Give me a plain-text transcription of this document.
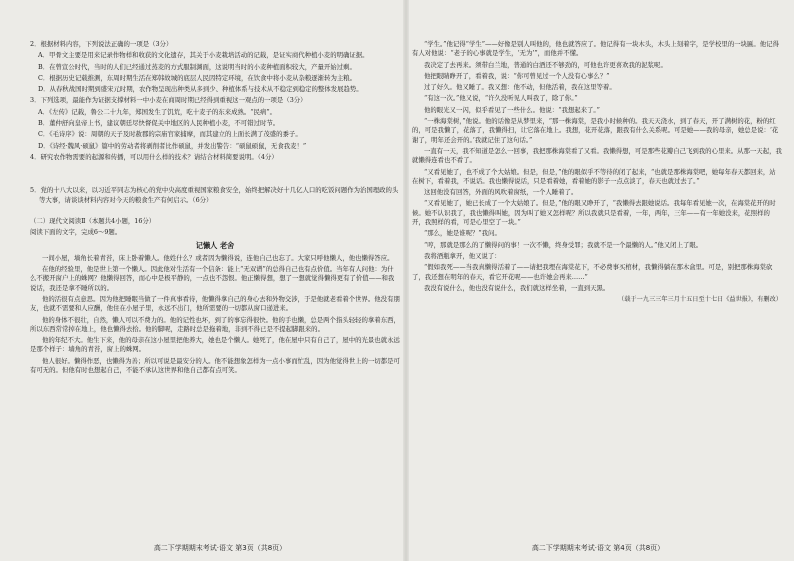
2．根据材料内容，下列说法正确的一项是（3分）
A．甲骨文主要是用来记录作物样和收获的文化遗存，其关于小麦栽培活动的记载，是证实商代种植小麦的明确证据。
B．在曾宣公时代，当时的人们已经通过蒸麦的方式服制渊面，这说明当时的小麦种植面积较大，产量开始过剩。
C．根据历史记载推测，东周时期生活在郑韩故城的底层人民因特定环境，在饮食中将小麦从杂粮逐渐转为主粮。
D．从春秋战国时期到盛宋元时期，农作物呈现出种类从多到少、种植体系与技术从不稳定到稳定的整体发展趋势。
3．下列选项，最能作为证据支撑材料一中小麦在商周时期已经得到重视这一观点的一项是（3分）
A．《左传》记载，鲁公二十九年，郑国发生了饥荒，吃十麦子的东来成熟。“民病”。
B．董仲舒向皇帝上书，建议朝廷尽快督促关中地区的人民种植小麦，不可错过时节。
C．《毛诗序》说：周朝的天子及时赦郡的宗庙官家捕摩，而其建立的上面长满了茂盛的黍子。
D．《诗经·魏风·硕鼠》篇中的劳动者将剥削者比作硕鼠，并发出警告：“硕鼠硕鼠，无食我麦！”
4．研究农作物需要的起源和传播，可以用什么样的技术？请结合材料简要说明。（4分）
5．党的十八大以来，以习近平同志为核心的党中央高度重视国家粮食安全，始终把解决好十几亿人口的吃饭问题作为治国理政的头等大事，请谈谈材料内容对今天的粮食生产有何启示。（6分）
（二）现代文阅读Ⅱ（本题共4小题，16分）
阅读下面的文字，完成6～9题。
记懒人 老舍
一间小屋，墙角长着青苔，床上卧着懒人。他姓什么？或者因为懒得说，连他自己也忘了。大家只呼他懒人，他也懒得答应。
在他的经验里，他是世上第一个懒人。因此他对生活有一个信条：能上“无双谱”的总得自己也有点价值。当年有人问他：为什么不搬开窗户上的蛛网？他懒得回答，而心中是极平静的，一点也不怨恨。他正懒得想，想了一想就觉得懒得更有了价值——和我说话，我还是拿不睡所以的。
他的活很有点意思。因为他把睡眠当做了一件真事看待，他懒得拿自己的身心去和外物交涉，于是他就老看着个世界。他没有朋友，也就不需要和人应酬，他住在小屋子里，永远不出门，他所需要的一切都从窗口递进来。
他的身体不很壮，自然，懒人可以不费力的。他的记性也坏，到了的事忘得很快。他的手也懒，总是两个指头轻轻的拿着东西，所以东西常常掉在地上，他也懒得去拾。他的脚呢，走路时总是拖着地，非到不得已是不提起脚跟来的。
他的年纪不大。他生下来，他的母亲在这小屋里把他养大，她也是个懒人。她死了，他在屋中只有自己了，屋中的光景也就永远是那个样子：墙角的青苔，窗上的蛛网。
他人很好。懒得作恶，也懒得为善；所以可说是最安分的人。他不能想象怎样为一点小事而忙乱，因为他觉得世上的一切都是可有可无的。但他有时也想起自己，不能不承认这世界和他自己都有点可笑。
“学生。”他记得“学生”——好像是别人叫他的，他也就答应了。他记得有一块木头，木头上刻着字，是学校里的一块匾。他记得有人对他说：“老子的心事就是学生，‘无为’”，而他并不懂。
我决定了去再来。须带白兰地，普通的白酒还不够劲的，可他也许更喜欢我的泥浆呢。
他把眼睛睁开了，看着我，说：“你可曾见过一个人没有心事么？”
过了好久。他又睡了。我又想：他不动，但他活着，我在这里等着。
“有这一次。”他又说，“许久没听见人叫我了，除了你。”
他的眼光又一闪，似乎看见了一些什么。他说：“我想起来了。”
“一株海棠树，”他说。他的话像是从梦里来，“那一株海棠，是我小时候种的。我天天浇水，到了春天，开了满树的花，粉的红的，可是我懒了，花落了，我懒得扫，让它落在地上。我想，花开花落，跟我有什么关系呢。可是她——我的母亲，她总是说：‘花谢了，明年还会开的。’我就记住了这句话。”
一直有一天，我不知道是怎么一回事，我把那株海棠看了又看。我懒得想，可是那些花瓣自己飞到我的心里来。从那一天起，我就懒得连看也不看了。
“又看见她了，也不成了个大姑娘。但是，但是，”他的眼似乎不等待的闭了起来，“也就是那株海棠吧，她每年春天都回来，站在树下，看着我，不说话。我也懒得说话，只是看着她，看着她的影子一点点淡了，春天也就过去了。”
这回他没有回答，外面的风吹着窗纸，一个人睡着了。
“又看见她了，她已长成了一个大姑娘了。但是，”他的眼又睁开了，“我懒得去跟她说话。我每年看见她一次，在海棠花开的时候。她不认识我了，我也懒得叫她，因为叫了她又怎样呢？所以我就只是看着，一年，两年，三年——有一年她没来，花照样的开，我照样的看，可是心里空了一块。”
“那么，她是谁呢？”我问。
“哼，那就是那么的了懒得问的事！一次不懒，终身受罪；我就不是一个最懒的人。”他又闭上了眼。
我将酒瓶拿开，他又说了：
“假如我死——当我真懒得活着了——请把我埋在海棠花下，不必费事买棺材，我懒得躺在那木盒里。可是，别把那株海棠砍了，我还想在明年的春天，看它开花呢——也许她会再来……”
我没有说什么，他也没有说什么，我们就这样坐着，一直到天黑。
（载于一九三三年三月十五日至十七日《益世报》，有删改）
高二下学期期末考试·语文 第3页（共8页）	高二下学期期末考试·语文 第4页（共8页）
